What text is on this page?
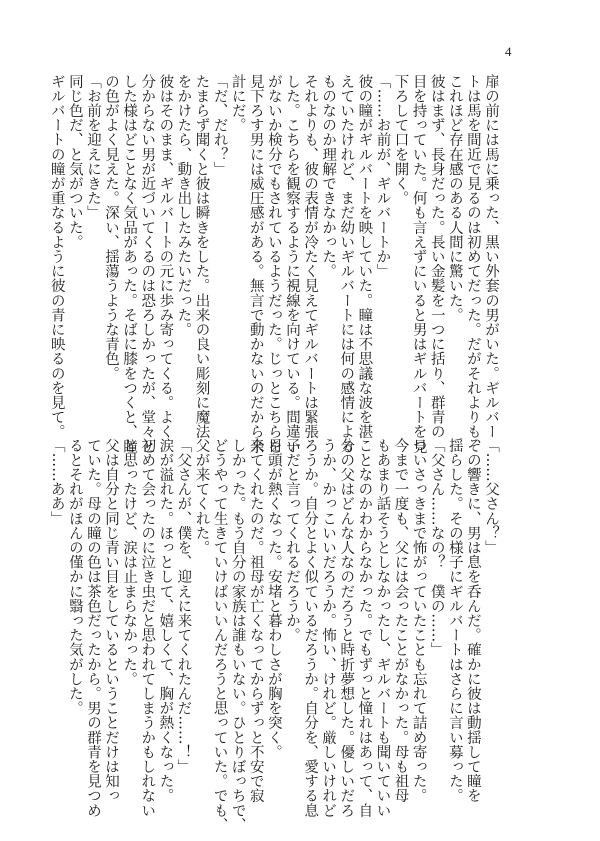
4

扉の前には馬に乗った、黒い外套の男がいた。ギルバー

トは馬を間近で見るのは初めてだった。だがそれよりも、

これほど存在感のある人間に驚いた。

彼はまず、長身だった。長い金髪を一つに括り、群青の

目を持っていた。何も言えずにいると男はギルバートを見

下ろして口を開く。

「……お前が、ギルバートか」

彼の瞳がギルバートを映していた。瞳は不思議な波を湛

えていたけれど、まだ幼いギルバートには何の感情による

ものなのか理解できなかった。

それよりも、彼の表情が冷たく見えてギルバートは緊張

した。こちらを観察するように視線を向けている。間違い

がないか検分でもされているようだった。じっとこちらを

見下ろす男には威圧感がある。無言で動かないのだから余

計にだ。

「だ、だれ？」

たまらず聞くと彼は瞬きをした。出来の良い彫刻に魔法

をかけたら、動き出したみたいだった。

彼はそのまま、ギルバートの元に歩み寄ってくる。よく

分からない男が近づいてくるのは恐ろしかったが、堂々と

した様はどことなく気品があった。そばに膝をつくと、瞳

の色がよく見えた。深い、揺蕩うような青色。

「お前を迎えにきた」

同じ色だ、と気がついた。

ギルバートの瞳が重なるように彼の青に映るのを見て。

「……父さん？」

その響きに、男は息を呑んだ。確かに彼は動揺して瞳を

揺らした。その様子にギルバートはさらに言い募った。

「父さん……なの？　僕の……」

ついさっきまで怖がっていたことも忘れて詰め寄った。

今まで一度も、父には会ったことがなかった。母も祖母

もあまり話そうとしなかったし、ギルバートも聞いていい

ことなのかわからなかった。でもずっと憧れはあって、自

分の父はどんな人なのだろうと時折夢想した。優しいだろ

うか、かっこいいだろうか。怖い、けれど。厳しいけれど

ろうか。自分とよく似ているだろうか。自分を、愛する息

子だと言ってくれるだろうか。

目頭が熱くなった。安堵と暮わしさが胸を突く。

来てくれたのだ。祖母が亡くなってからずっと不安で寂

しかった。もう自分の家族は誰もいない。ひとりぼっちで、

どうやって生きていけばいいんだろうと思っていた。でも、

父が来てくれた。

「父さんが、僕を、迎えに来てくれたんだ……！」

涙が溢れた。ほっとして、嬉しくて、胸が熱くなった。

初めて会ったのに泣き虫だと思われてしまうかもしれない

と思ったけど、涙は止まらなかった。

父は自分と同じ青い目をしているということだけは知っ

ていた。母の瞳の色は茶色だったから。男の群青を見つめ

るとそれがほんの僅かに翳った気がした。

「……ああ」
